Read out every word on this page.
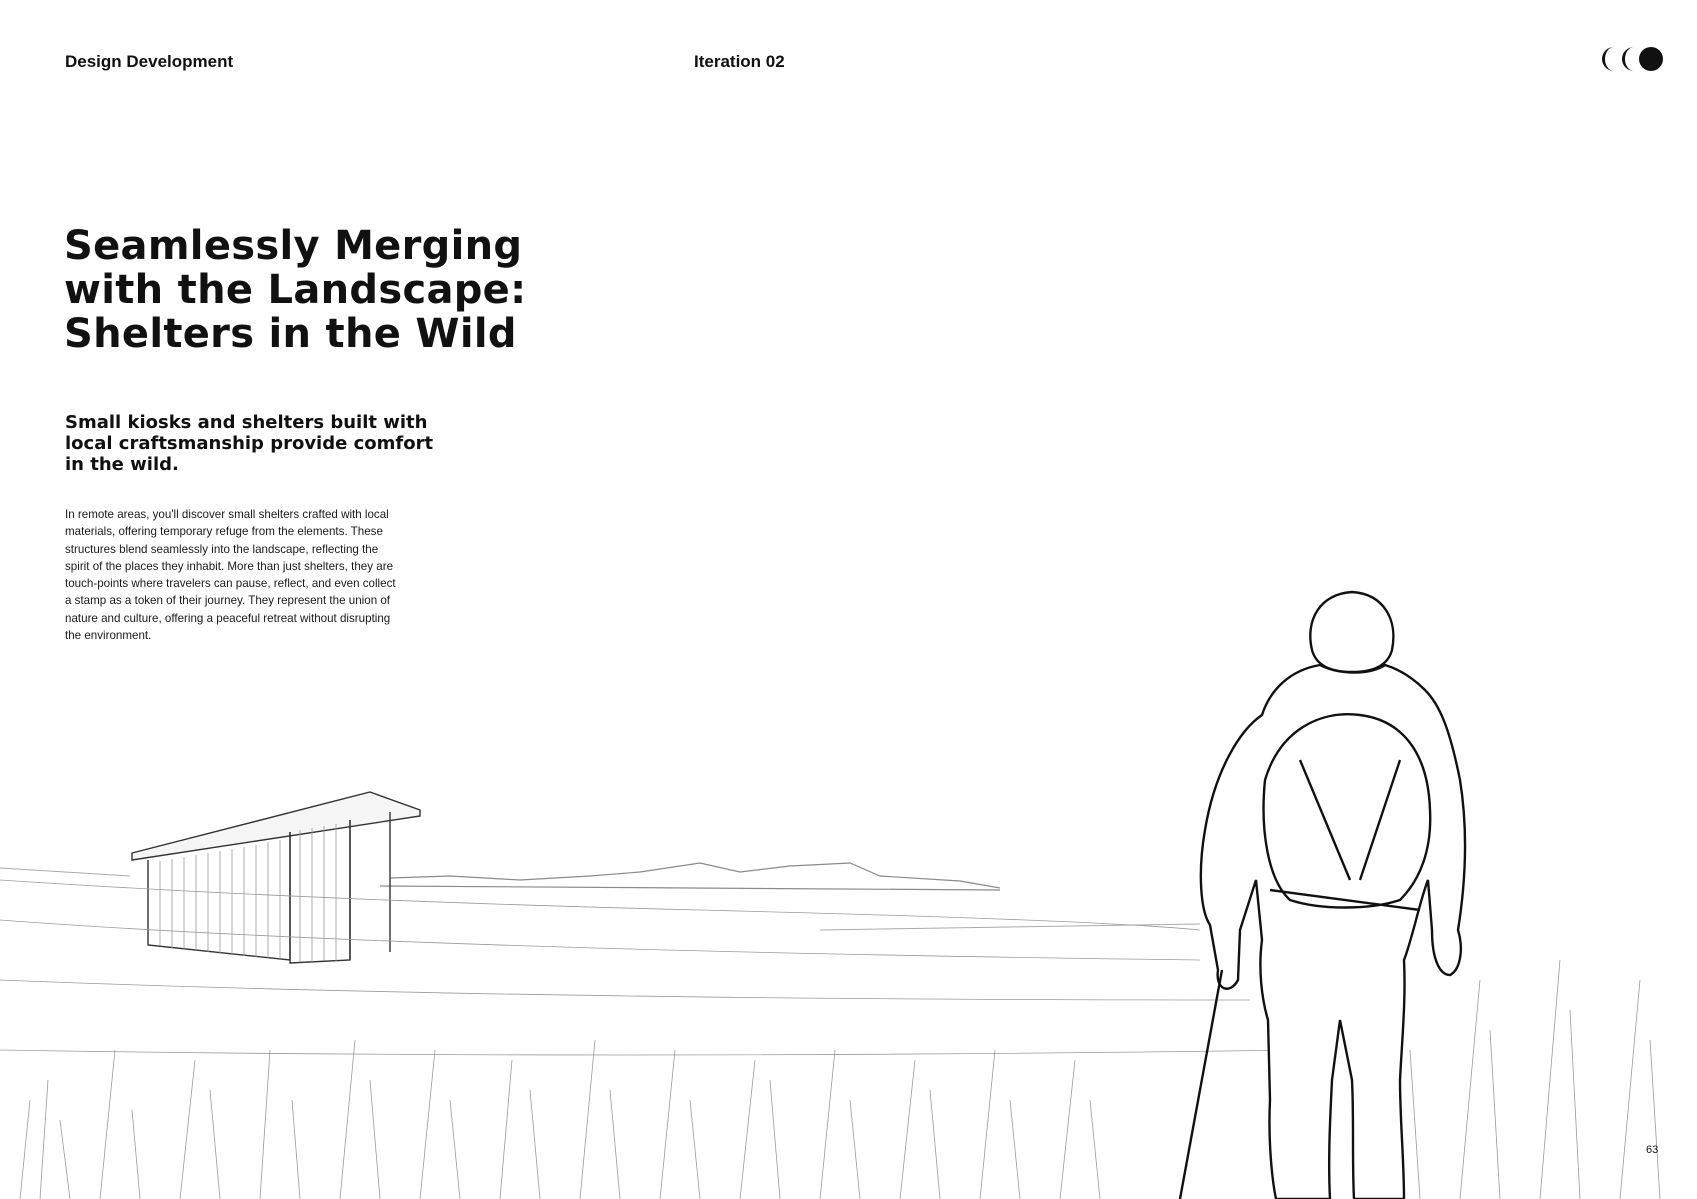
Design Development	Iteration 02
Seamlessly Merging
with the Landscape:
Shelters in the Wild

Small kiosks and shelters built with local craftsmanship provide comfort in the wild.

In remote areas, you'll discover small shelters crafted with local materials, offering temporary refuge from the elements. These structures blend seamlessly into the landscape, reflecting the spirit of the places they inhabit. More than just shelters, they are touch-points where travelers can pause, reflect, and even collect a stamp as a token of their journey. They represent the union of nature and culture, offering a peaceful retreat without disrupting the environment.

63
